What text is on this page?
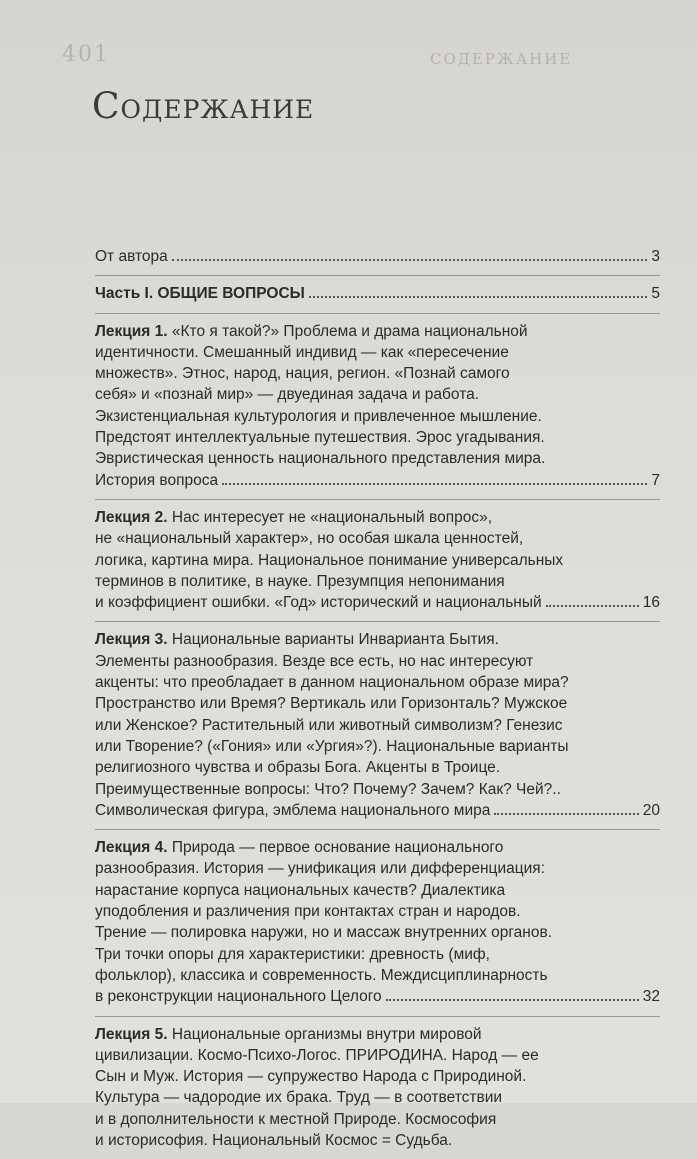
401	СОДЕРЖАНИЕ
Содержание
От автора	3
Часть I. ОБЩИЕ ВОПРОСЫ	5
Лекция 1. «Кто я такой?» Проблема и драма национальной
идентичности. Смешанный индивид — как «пересечение
множеств». Этнос, народ, нация, регион. «Познай самого
себя» и «познай мир» — двуединая задача и работа.
Экзистенциальная культурология и привлеченное мышление.
Предстоят интеллектуальные путешествия. Эрос угадывания.
Эвристическая ценность национального представления мира.
История вопроса	7
Лекция 2. Нас интересует не «национальный вопрос»,
не «национальный характер», но особая шкала ценностей,
логика, картина мира. Национальное понимание универсальных
терминов в политике, в науке. Презумпция непонимания
и коэффициент ошибки. «Год» исторический и национальный	16
Лекция 3. Национальные варианты Инварианта Бытия.
Элементы разнообразия. Везде все есть, но нас интересуют
акценты: что преобладает в данном национальном образе мира?
Пространство или Время? Вертикаль или Горизонталь? Мужское
или Женское? Растительный или животный символизм? Генезис
или Творение? («Гония» или «Ургия»?). Национальные варианты
религиозного чувства и образы Бога. Акценты в Троице.
Преимущественные вопросы: Что? Почему? Зачем? Как? Чей?..
Символическая фигура, эмблема национального мира	20
Лекция 4. Природа — первое основание национального
разнообразия. История — унификация или дифференциация:
нарастание корпуса национальных качеств? Диалектика
уподобления и различения при контактах стран и народов.
Трение — полировка наружи, но и массаж внутренних органов.
Три точки опоры для характеристики: древность (миф,
фольклор), классика и современность. Междисциплинарность
в реконструкции национального Целого	32
Лекция 5. Национальные организмы внутри мировой
цивилизации. Космо-Психо-Логос. ПРИРОДИНА. Народ — ее
Сын и Муж. История — супружество Народа с Природиной.
Культура — чадородие их брака. Труд — в соответствии
и в дополнительности к местной Природе. Космософия
и историсофия. Национальный Космос = Судьба.
